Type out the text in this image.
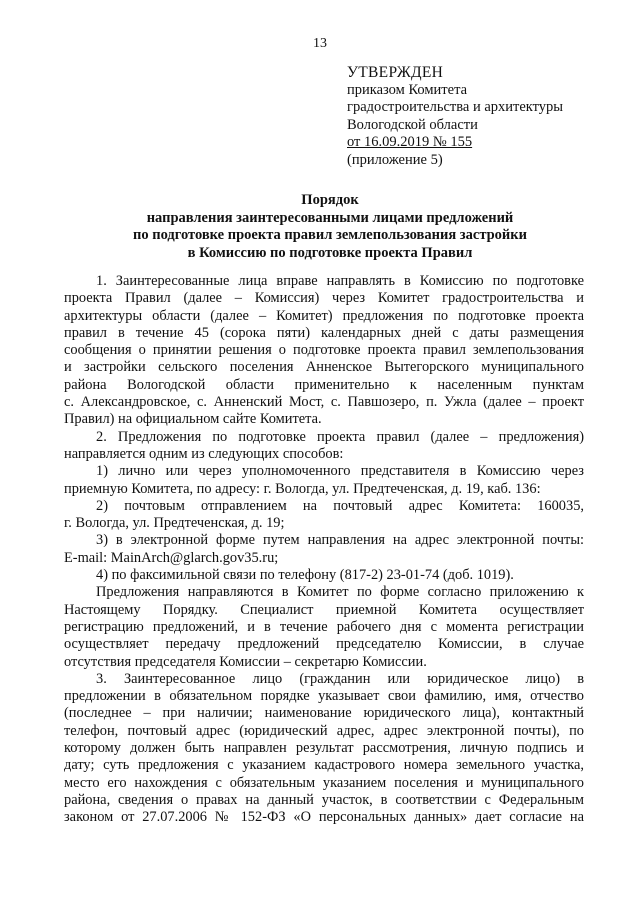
13
УТВЕРЖДЕН
приказом Комитета
градостроительства и архитектуры
Вологодской области
от 16.09.2019 № 155
(приложение 5)
Порядок
направления заинтересованными лицами предложений
по подготовке проекта правил землепользования застройки
в Комиссию по подготовке проекта Правил
1. Заинтересованные лица вправе направлять в Комиссию по подготовке
проекта Правил (далее – Комиссия) через Комитет градостроительства и
архитектуры области (далее – Комитет) предложения по подготовке проекта
правил в течение 45 (сорока пяти) календарных дней с даты размещения
сообщения о принятии решения о подготовке проекта правил землепользования
и застройки сельского поселения Анненское Вытегорского муниципального
района Вологодской области применительно к населенным пунктам
с. Александровское, с. Анненский Мост, с. Павшозеро, п. Ужла (далее – проект
Правил) на официальном сайте Комитета.
2. Предложения по подготовке проекта правил (далее – предложения)
направляется одним из следующих способов:
1) лично или через уполномоченного представителя в Комиссию через
приемную Комитета, по адресу: г. Вологда, ул. Предтеченская, д. 19, каб. 136:
2) почтовым отправлением на почтовый адрес Комитета: 160035,
г. Вологда, ул. Предтеченская, д. 19;
3) в электронной форме путем направления на адрес электронной почты:
E-mail: MainArch@glarch.gov35.ru;
4) по факсимильной связи по телефону (817-2) 23-01-74 (доб. 1019).
Предложения направляются в Комитет по форме согласно приложению к
Настоящему Порядку. Специалист приемной Комитета осуществляет
регистрацию предложений, и в течение рабочего дня с момента регистрации
осуществляет передачу предложений председателю Комиссии, в случае
отсутствия председателя Комиссии – секретарю Комиссии.
3. Заинтересованное лицо (гражданин или юридическое лицо) в
предложении в обязательном порядке указывает свои фамилию, имя, отчество
(последнее – при наличии; наименование юридического лица), контактный
телефон, почтовый адрес (юридический адрес, адрес электронной почты), по
которому должен быть направлен результат рассмотрения, личную подпись и
дату; суть предложения с указанием кадастрового номера земельного участка,
место его нахождения с обязательным указанием поселения и муниципального
района, сведения о правах на данный участок, в соответствии с Федеральным
законом от 27.07.2006 № 152-ФЗ «О персональных данных» дает согласие на
